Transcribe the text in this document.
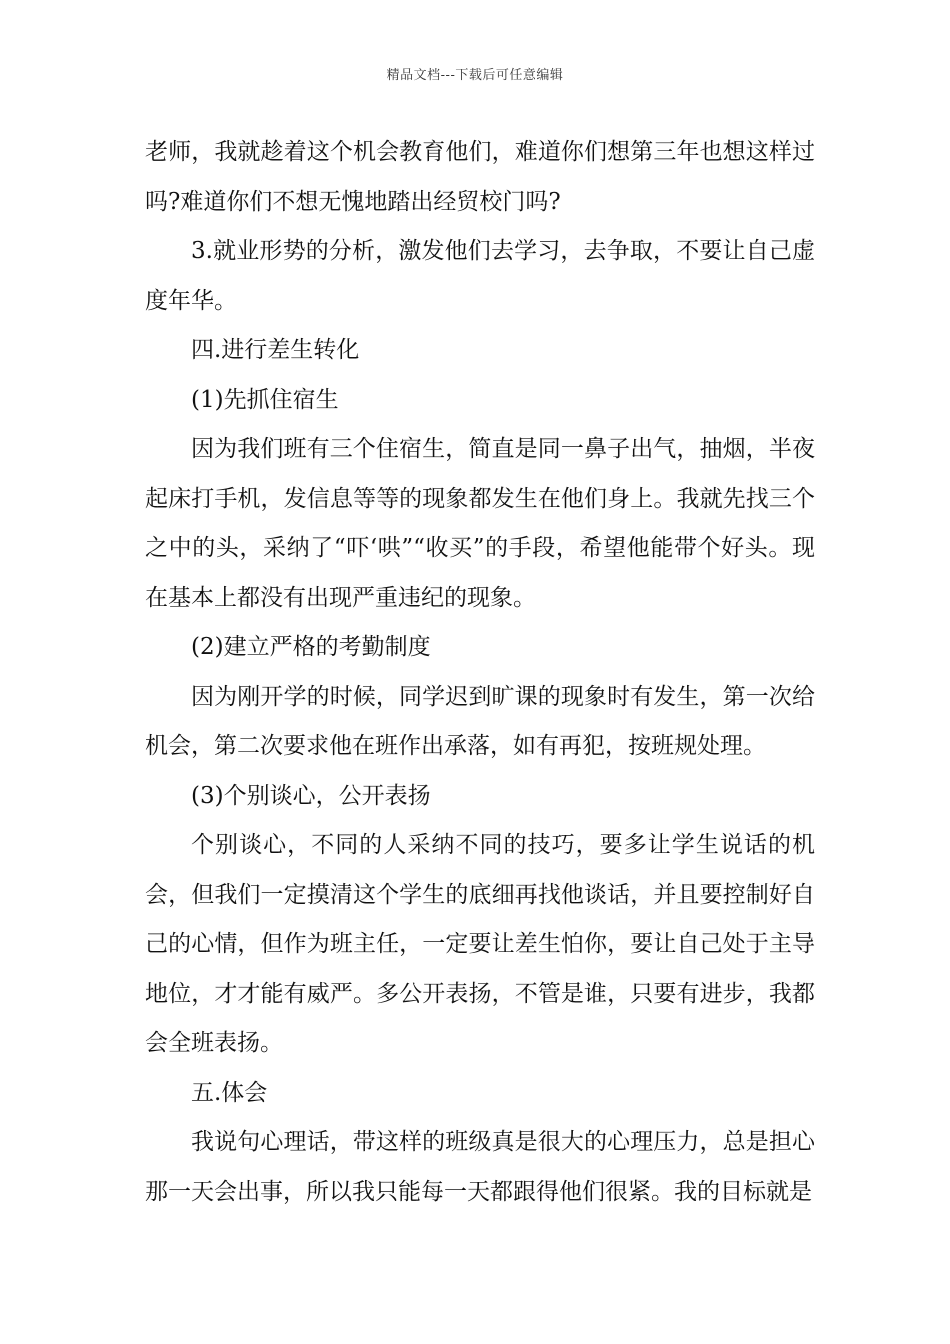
精品文档---下载后可任意编辑

老师，我就趁着这个机会教育他们，难道你们想第三年也想这样过吗?难道你们不想无愧地踏出经贸校门吗?

3.就业形势的分析，激发他们去学习，去争取，不要让自己虚度年华。

四.进行差生转化

(1)先抓住宿生

因为我们班有三个住宿生，简直是同一鼻子出气，抽烟，半夜起床打手机，发信息等等的现象都发生在他们身上。我就先找三个之中的头，采纳了“吓‘哄”“收买”的手段，希望他能带个好头。现在基本上都没有出现严重违纪的现象。

(2)建立严格的考勤制度

因为刚开学的时候，同学迟到旷课的现象时有发生，第一次给机会，第二次要求他在班作出承落，如有再犯，按班规处理。

(3)个别谈心，公开表扬

个别谈心，不同的人采纳不同的技巧，要多让学生说话的机会，但我们一定摸清这个学生的底细再找他谈话，并且要控制好自己的心情，但作为班主任，一定要让差生怕你，要让自己处于主导地位，才才能有威严。多公开表扬，不管是谁，只要有进步，我都会全班表扬。

五.体会

我说句心理话，带这样的班级真是很大的心理压力，总是担心那一天会出事，所以我只能每一天都跟得他们很紧。我的目标就是
